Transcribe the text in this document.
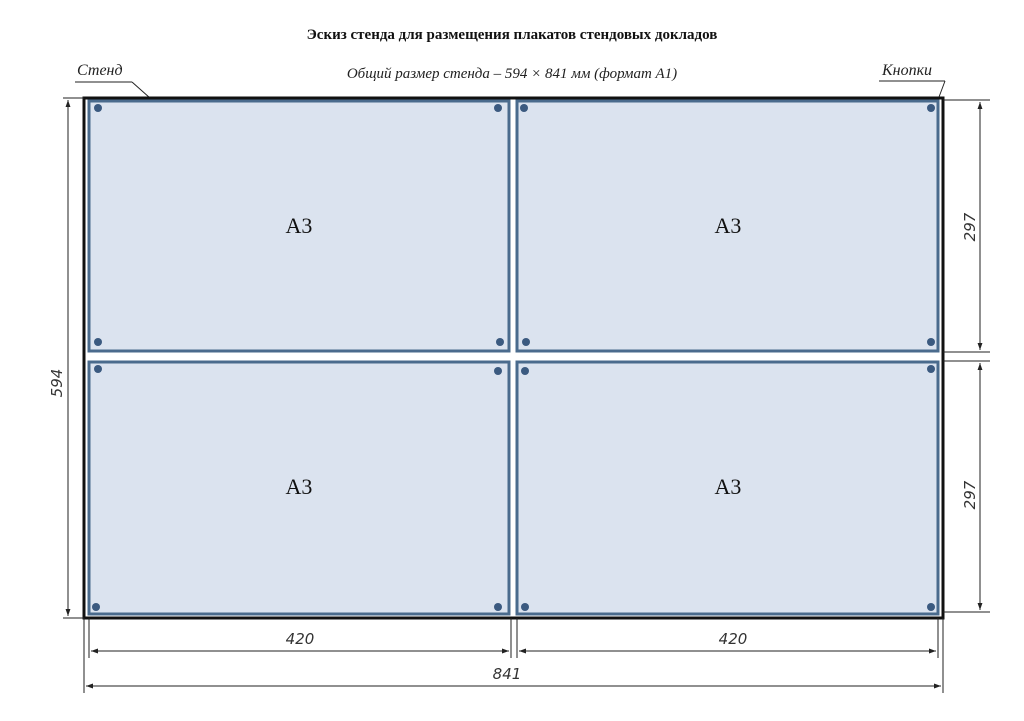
Эскиз стенда для размещения плакатов стендовых докладов
Общий размер стенда – 594 × 841 мм (формат А1)
Стенд	Кнопки
594
297
297
420	420
841
А3	А3
А3	А3
